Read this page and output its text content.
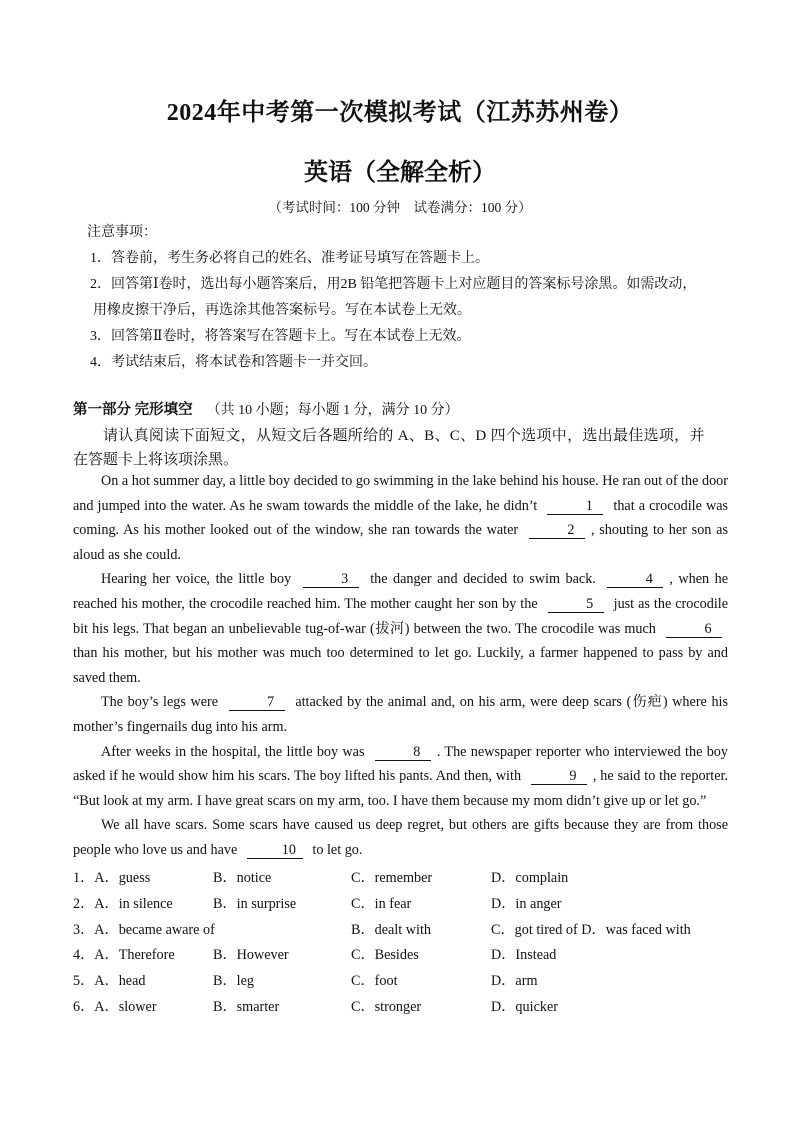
2024年中考第一次模拟考试（江苏苏州卷）
英语（全解全析）
（考试时间：100 分钟　试卷满分：100 分）
注意事项：
1．答卷前，考生务必将自己的姓名、准考证号填写在答题卡上。
2．回答第Ⅰ卷时，选出每小题答案后，用2B 铅笔把答题卡上对应题目的答案标号涂黑。如需改动，
用橡皮擦干净后，再选涂其他答案标号。写在本试卷上无效。
3．回答第Ⅱ卷时，将答案写在答题卡上。写在本试卷上无效。
4．考试结束后，将本试卷和答题卡一并交回。
第一部分 完形填空 （共 10 小题；每小题 1 分，满分 10 分）
请认真阅读下面短文，从短文后各题所给的 A、B、C、D 四个选项中，选出最佳选项，并
在答题卡上将该项涂黑。

On a hot summer day, a little boy decided to go swimming in the lake behind his house. He ran out of the door and jumped into the water. As he swam towards the middle of the lake, he didn’t	1 that a crocodile was coming. As his mother looked out of the window, she ran towards the water	2 , shouting to her son as aloud as she could.

Hearing her voice, the little boy	3 the danger and decided to swim back.	4 , when he reached his mother, the crocodile reached him. The mother caught her son by the	5 just as the crocodile bit his legs. That began an unbelievable tug-of-war (拔河) between the two. The crocodile was much	6 than his mother, but his mother was much too determined to let go. Luckily, a farmer happened to pass by and saved them.

The boy’s legs were	7 attacked by the animal and, on his arm, were deep scars (伤疤) where his mother’s fingernails dug into his arm.

After weeks in the hospital, the little boy was	8 . The newspaper reporter who interviewed the boy asked if he would show him his scars. The boy lifted his pants. And then, with	9 , he said to the reporter. “But look at my arm. I have great scars on my arm, too. I have them because my mom didn’t give up or let go.”

We all have scars. Some scars have caused us deep regret, but others are gifts because they are from those people who love us and have	10 to let go.

1．A．guess	B．notice	C．remember	D．complain
2．A．in silence	B．in surprise	C．in fear	D．in anger
3．A．became aware of	B．dealt with	C．got tired of D．was faced with
4．A．Therefore	B．However	C．Besides	D．Instead
5．A．head	B．leg	C．foot	D．arm
6．A．slower	B．smarter	C．stronger	D．quicker
